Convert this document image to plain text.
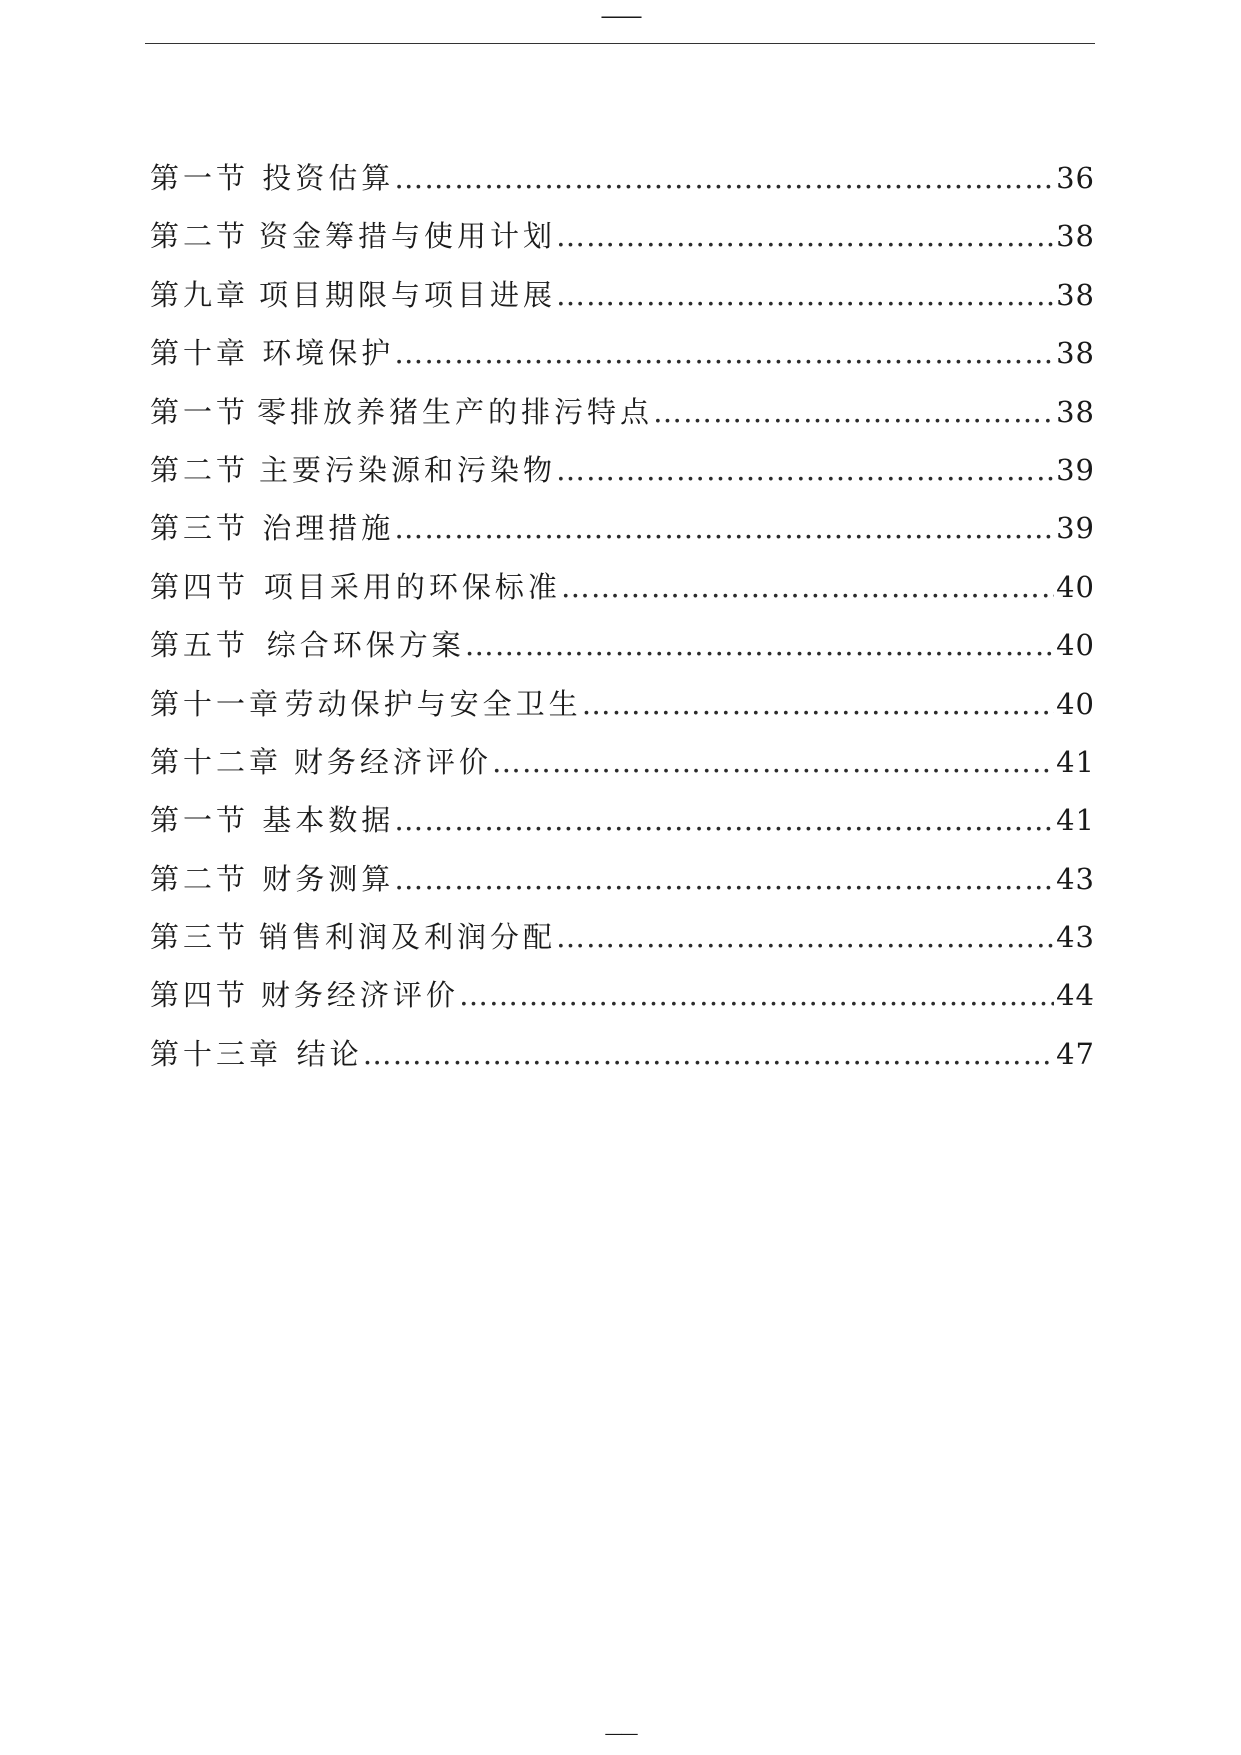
——
第一节 投资估算 ………………………………………………………………………………………………………………………………………………………………	36
第二节 资金筹措与使用计划 ………………………………………………………………………………………………………………………………………………………………	38
第九章 项目期限与项目进展 ………………………………………………………………………………………………………………………………………………………………	38
第十章 环境保护 ………………………………………………………………………………………………………………………………………………………………	38
第一节 零排放养猪生产的排污特点 ………………………………………………………………………………………………………………………………………………………………	38
第二节 主要污染源和污染物 ………………………………………………………………………………………………………………………………………………………………	39
第三节 治理措施 ………………………………………………………………………………………………………………………………………………………………	39
第四节 项目采用的环保标准 ………………………………………………………………………………………………………………………………………………………………	40
第五节 综合环保方案 ………………………………………………………………………………………………………………………………………………………………	40
第十一章 劳动保护与安全卫生 ………………………………………………………………………………………………………………………………………………………………	40
第十二章 财务经济评价 ………………………………………………………………………………………………………………………………………………………………	41
第一节 基本数据 ………………………………………………………………………………………………………………………………………………………………	41
第二节 财务测算 ………………………………………………………………………………………………………………………………………………………………	43
第三节 销售利润及利润分配 ………………………………………………………………………………………………………………………………………………………………	43
第四节 财务经济评价 ………………………………………………………………………………………………………………………………………………………………	44
第十三章 结论 ………………………………………………………………………………………………………………………………………………………………	47
——
